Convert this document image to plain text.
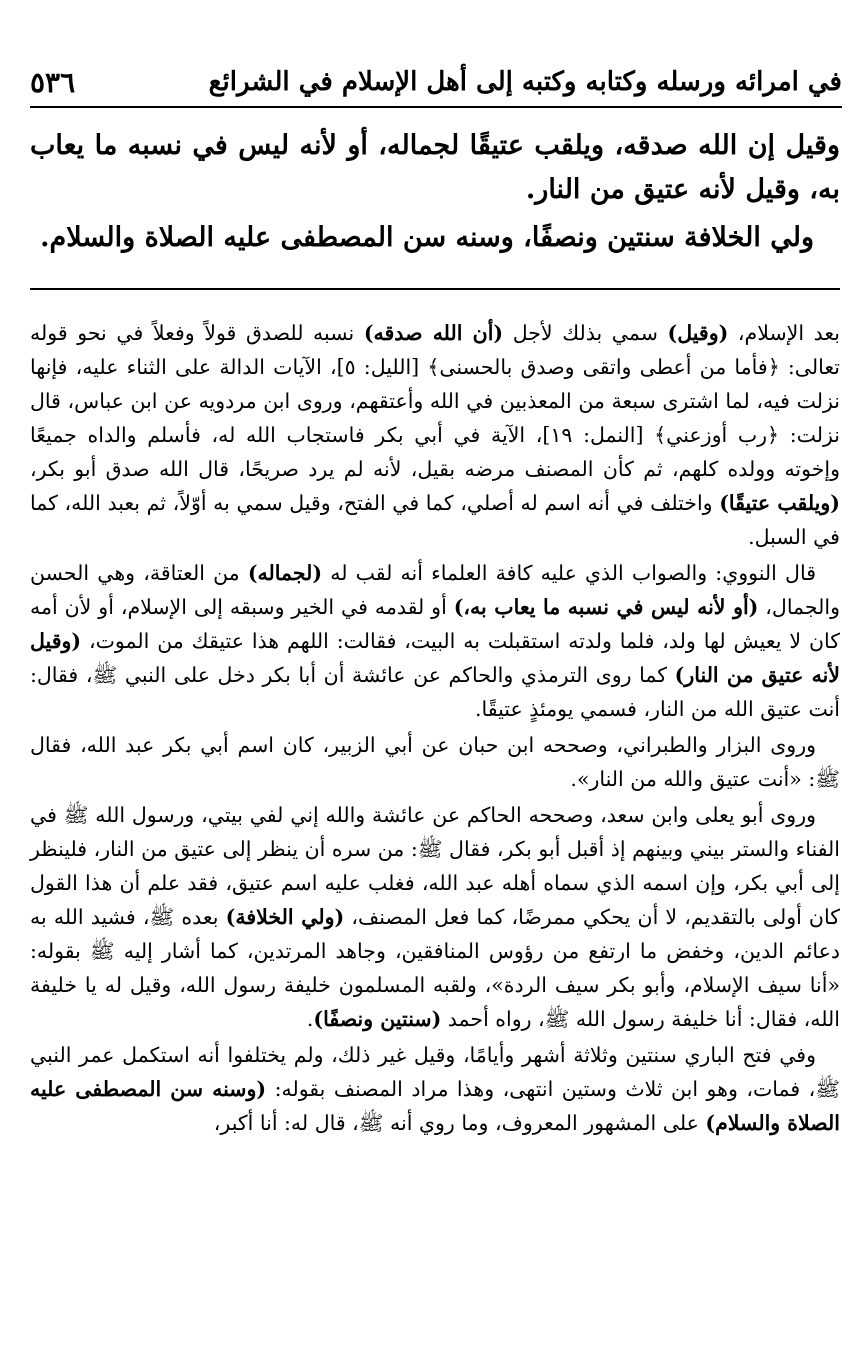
في امرائه ورسله وكتابه وكتبه إلى أهل الإسلام في الشرائع
٥٣٦

وقيل إن الله صدقه، ويلقب عتيقًا لجماله، أو لأنه ليس في نسبه ما يعاب به، وقيل لأنه عتيق من النار.

ولي الخلافة سنتين ونصفًا، وسنه سن المصطفى عليه الصلاة والسلام.

بعد الإسلام، (وقيل) سمي بذلك لأجل (أن الله صدقه) نسبه للصدق قولاً وفعلاً في نحو قوله تعالى: ﴿فأما من أعطى واتقى وصدق بالحسنى﴾ [الليل: ٥]، الآيات الدالة على الثناء عليه، فإنها نزلت فيه، لما اشترى سبعة من المعذبين في الله وأعتقهم، وروى ابن مردويه عن ابن عباس، قال نزلت: ﴿رب أوزعني﴾ [النمل: ١٩]، الآية في أبي بكر فاستجاب الله له، فأسلم والداه جميعًا وإخوته وولده كلهم، ثم كأن المصنف مرضه بقيل، لأنه لم يرد صريحًا، قال الله صدق أبو بكر، (ويلقب عتيقًا) واختلف في أنه اسم له أصلي، كما في الفتح، وقيل سمي به أوّلاً، ثم بعبد الله، كما في السبل.

قال النووي: والصواب الذي عليه كافة العلماء أنه لقب له (لجماله) من العتاقة، وهي الحسن والجمال، (أو لأنه ليس في نسبه ما يعاب به،) أو لقدمه في الخير وسبقه إلى الإسلام، أو لأن أمه كان لا يعيش لها ولد، فلما ولدته استقبلت به البيت، فقالت: اللهم هذا عتيقك من الموت، (وقيل لأنه عتيق من النار) كما روى الترمذي والحاكم عن عائشة أن أبا بكر دخل على النبي ﷺ، فقال: أنت عتيق الله من النار، فسمي يومئذٍ عتيقًا.

وروى البزار والطبراني، وصححه ابن حبان عن أبي الزبير، كان اسم أبي بكر عبد الله، فقال ﷺ: «أنت عتيق والله من النار».

وروى أبو يعلى وابن سعد، وصححه الحاكم عن عائشة والله إني لفي بيتي، ورسول الله ﷺ في الفناء والستر بيني وبينهم إذ أقبل أبو بكر، فقال ﷺ: من سره أن ينظر إلى عتيق من النار، فلينظر إلى أبي بكر، وإن اسمه الذي سماه أهله عبد الله، فغلب عليه اسم عتيق، فقد علم أن هذا القول كان أولى بالتقديم، لا أن يحكي ممرضًا، كما فعل المصنف، (ولي الخلافة) بعده ﷺ، فشيد الله به دعائم الدين، وخفض ما ارتفع من رؤوس المنافقين، وجاهد المرتدين، كما أشار إليه ﷺ بقوله: «أنا سيف الإسلام، وأبو بكر سيف الردة»، ولقبه المسلمون خليفة رسول الله، وقيل له يا خليفة الله، فقال: أنا خليفة رسول الله ﷺ، رواه أحمد (سنتين ونصفًا).

وفي فتح الباري سنتين وثلاثة أشهر وأيامًا، وقيل غير ذلك، ولم يختلفوا أنه استكمل عمر النبي ﷺ، فمات، وهو ابن ثلاث وستين انتهى، وهذا مراد المصنف بقوله: (وسنه سن المصطفى عليه الصلاة والسلام) على المشهور المعروف، وما روي أنه ﷺ، قال له: أنا أكبر،
